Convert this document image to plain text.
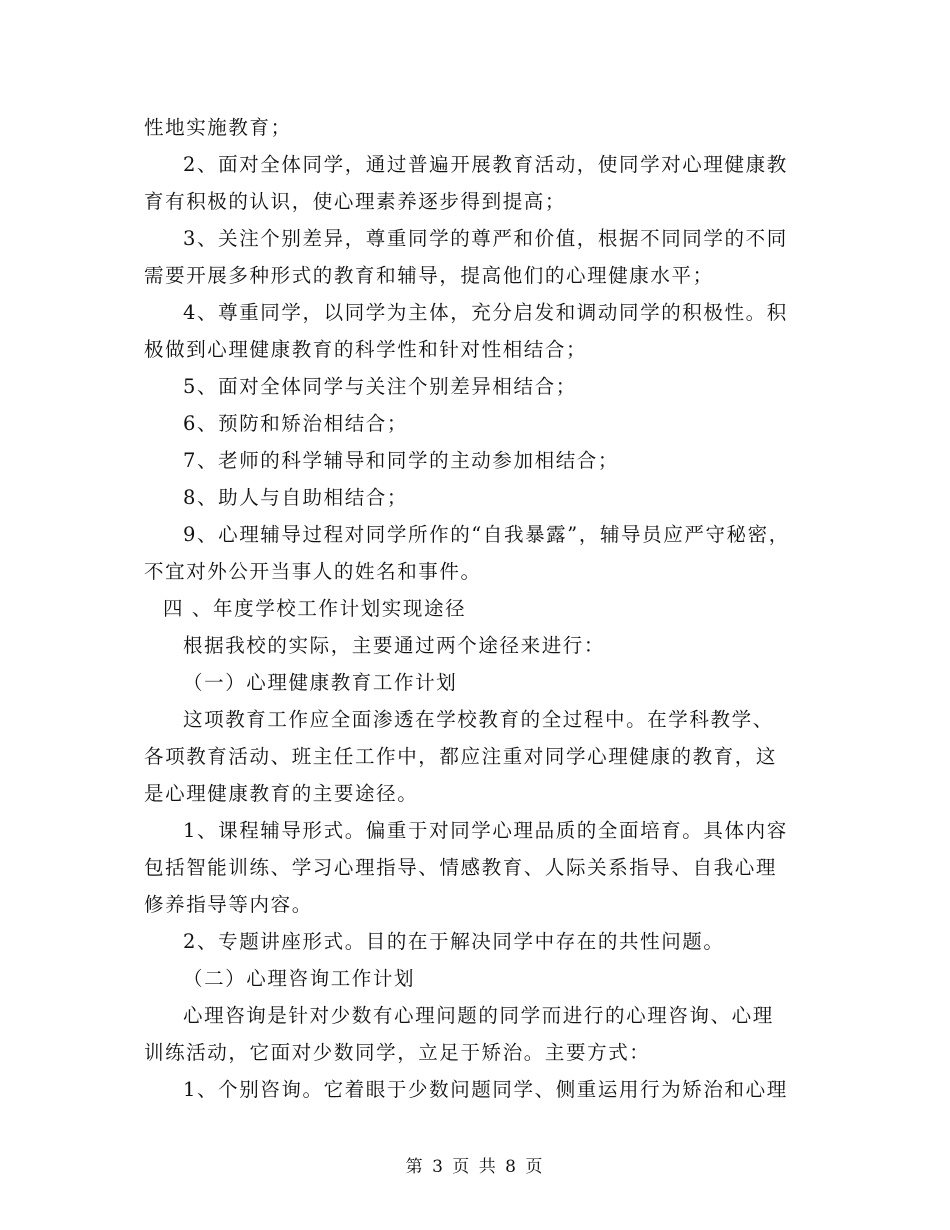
性地实施教育；
2、面对全体同学，通过普遍开展教育活动，使同学对心理健康教
育有积极的认识，使心理素养逐步得到提高；
3、关注个别差异，尊重同学的尊严和价值，根据不同同学的不同
需要开展多种形式的教育和辅导，提高他们的心理健康水平；
4、尊重同学，以同学为主体，充分启发和调动同学的积极性。积
极做到心理健康教育的科学性和针对性相结合；
5、面对全体同学与关注个别差异相结合；
6、预防和矫治相结合；
7、老师的科学辅导和同学的主动参加相结合；
8、助人与自助相结合；
9、心理辅导过程对同学所作的“自我暴露”，辅导员应严守秘密，
不宜对外公开当事人的姓名和事件。
四 、年度学校工作计划实现途径
根据我校的实际，主要通过两个途径来进行：
（一）心理健康教育工作计划
这项教育工作应全面渗透在学校教育的全过程中。在学科教学、
各项教育活动、班主任工作中，都应注重对同学心理健康的教育，这
是心理健康教育的主要途径。
1、课程辅导形式。偏重于对同学心理品质的全面培育。具体内容
包括智能训练、学习心理指导、情感教育、人际关系指导、自我心理
修养指导等内容。
2、专题讲座形式。目的在于解决同学中存在的共性问题。
（二）心理咨询工作计划
心理咨询是针对少数有心理问题的同学而进行的心理咨询、心理
训练活动，它面对少数同学，立足于矫治。主要方式：
1、个别咨询。它着眼于少数问题同学、侧重运用行为矫治和心理
第 3 页 共 8 页
